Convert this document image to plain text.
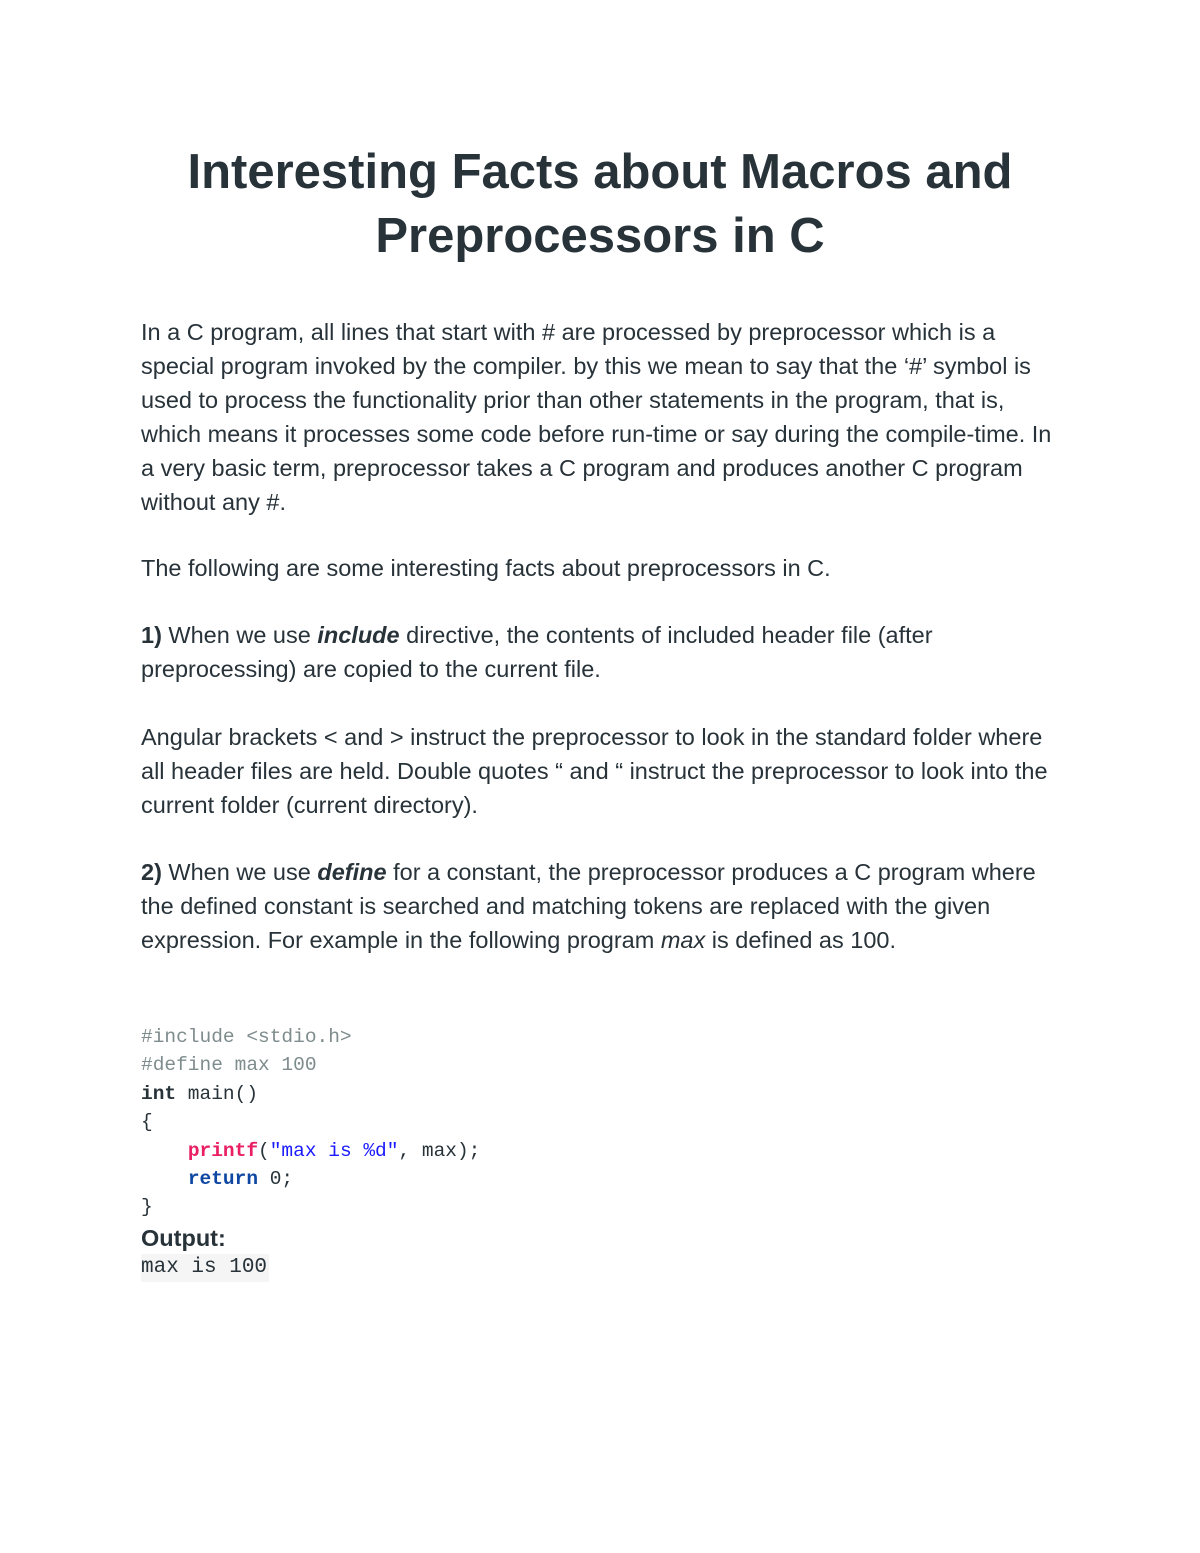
Interesting Facts about Macros and
Preprocessors in C

In a C program, all lines that start with # are processed by preprocessor which is a special program invoked by the compiler. by this we mean to say that the ‘#’ symbol is used to process the functionality prior than other statements in the program, that is, which means it processes some code before run-time or say during the compile-time. In a very basic term, preprocessor takes a C program and produces another C program without any #.

The following are some interesting facts about preprocessors in C.

1) When we use include directive, the contents of included header file (after preprocessing) are copied to the current file.

Angular brackets < and > instruct the preprocessor to look in the standard folder where all header files are held. Double quotes “ and “ instruct the preprocessor to look into the current folder (current directory).

2) When we use define for a constant, the preprocessor produces a C program where the defined constant is searched and matching tokens are replaced with the given expression. For example in the following program max is defined as 100.

#include <stdio.h>
#define max 100
int main()
{
printf("max is %d", max);
return 0;
}
Output:
max is 100
